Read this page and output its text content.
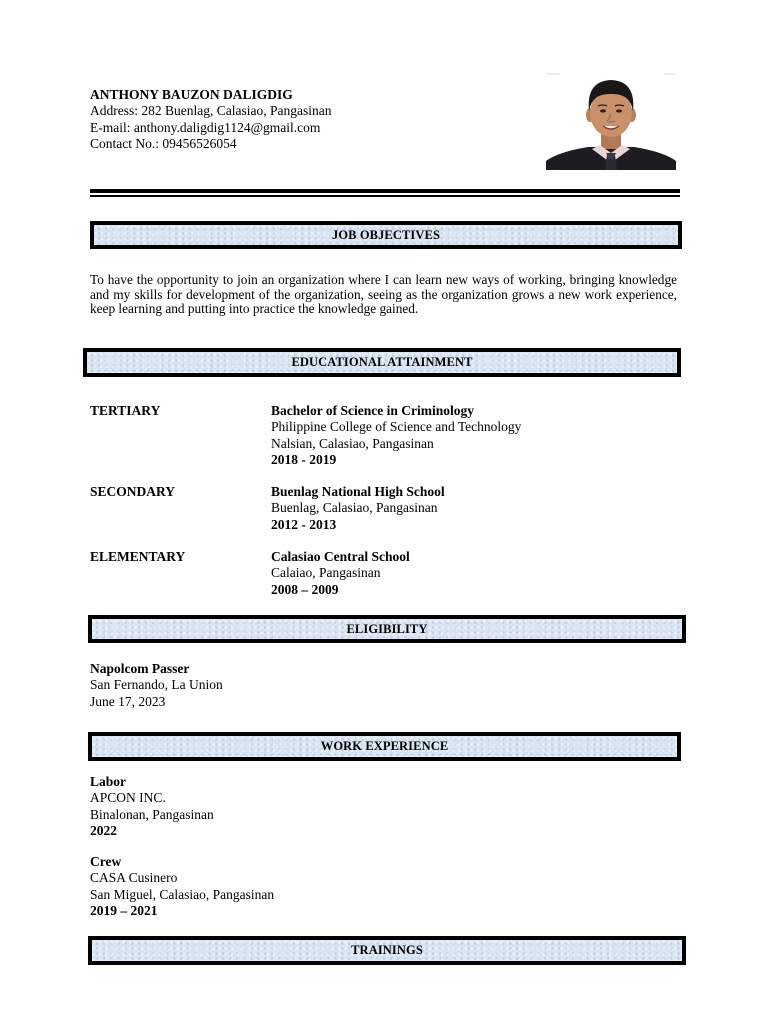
ANTHONY BAUZON DALIGDIG
Address: 282 Buenlag, Calasiao, Pangasinan
E-mail: anthony.daligdig1124@gmail.com
Contact No.: 09456526054
JOB OBJECTIVES
To have the opportunity to join an organization where I can learn new ways of working, bringing knowledge and my skills for development of the organization, seeing as the organization grows a new work experience, keep learning and putting into practice the knowledge gained.
EDUCATIONAL ATTAINMENT
TERTIARY	Bachelor of Science in Criminology
Philippine College of Science and Technology
Nalsian, Calasiao, Pangasinan
2018 - 2019
SECONDARY	Buenlag National High School
Buenlag, Calasiao, Pangasinan
2012 - 2013
ELEMENTARY	Calasiao Central School
Calaiao, Pangasinan
2008 – 2009
ELIGIBILITY
Napolcom Passer
San Fernando, La Union
June 17, 2023
WORK EXPERIENCE
Labor
APCON INC.
Binalonan, Pangasinan
2022
Crew
CASA Cusinero
San Miguel, Calasiao, Pangasinan
2019 – 2021
TRAININGS
